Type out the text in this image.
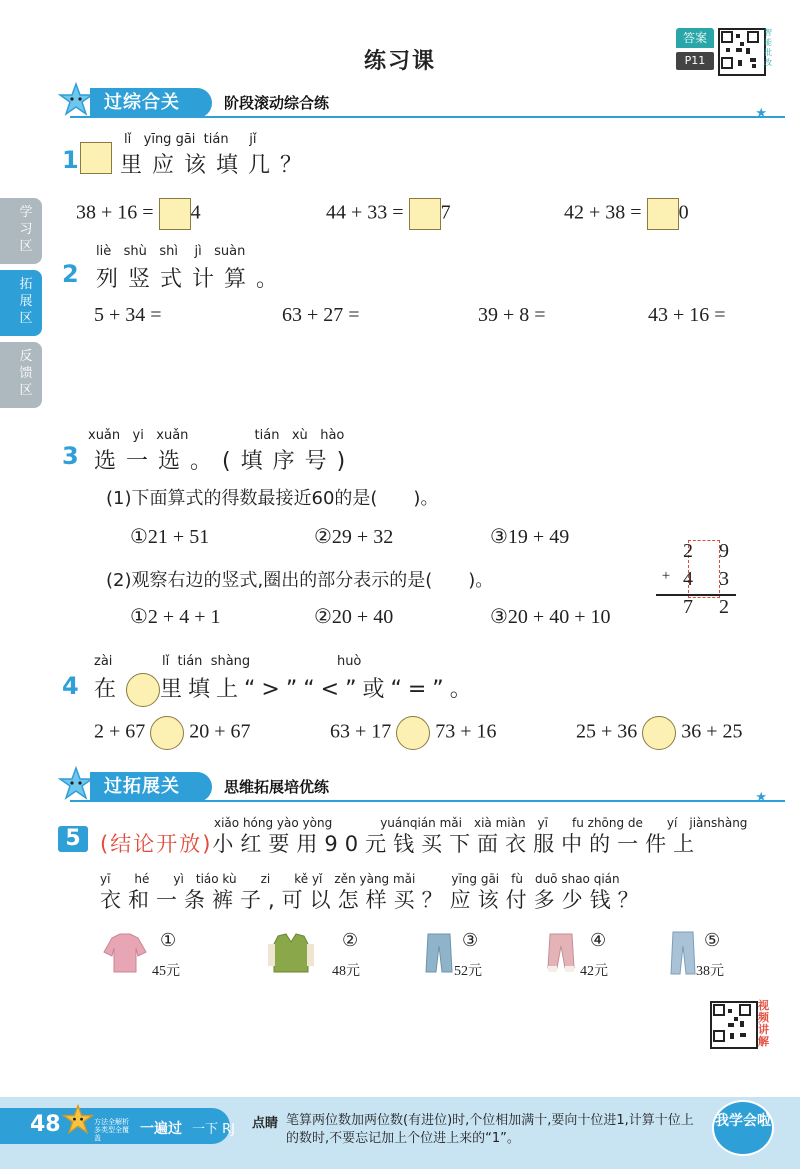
练习课
答案
P11
智能批改
学习区
拓展区
反馈区
过综合关	阶段滚动综合练
★
1
lǐ yīng gāi tián jǐ
里应该填几？
38 + 16 = 4	44 + 33 = 7	42 + 38 = 0
2
liè shù shì jì suàn
列竖式计算。
5 + 34 =	63 + 27 =	39 + 8 =	43 + 16 =
3
xuǎn yi xuǎn	tián xù hào
选一选。(填序号)
(1)下面算式的得数最接近60的是(　　)。
①21 + 51	②29 + 32	③19 + 49
(2)观察右边的竖式,圈出的部分表示的是(　　)。
①2 + 4 + 1	②20 + 40	③20 + 40 + 10
2 9
+ 4 3
7 2
4
zài	lǐ tián shàng	huò
在 里填上“>”“<”或“=”。
2 + 67 20 + 67	63 + 17 73 + 16	25 + 36 36 + 25
过拓展关	思维拓展培优练
★
5
xiǎo hóng yào yòng　　　　yuánqián mǎi　xià miàn　yī　　fu zhōng de　　yí　jiànshàng
(结论开放)小红要用90元钱买下面衣服中的一件上
yī　　hé　　yì　tiáo kù　　zi　　kě yǐ　zěn yàng mǎi　　　yīng gāi　fù　duō shao qián
衣和一条裤子,可以怎样买？应该付多少钱？
①
45元
②
48元
③
52元
④
42元
⑤
38元
视频讲解
48	方法全解析 多类型全覆盖
一遍过 一下 RJ 点睛 笔算两位数加两位数(有进位)时,个位相加满十,要向十位进1,计算十位上的数时,不要忘记加上个位进上来的“1”。
我学会啦
